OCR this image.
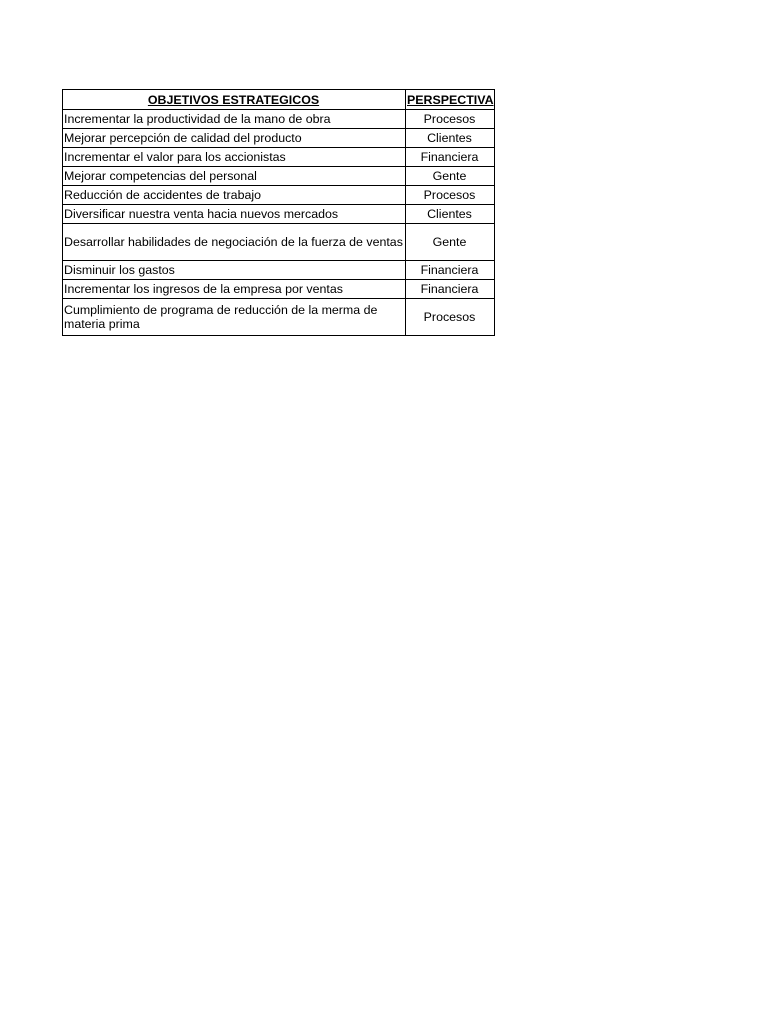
OBJETIVOS ESTRATEGICOS	PERSPECTIVA
Incrementar la productividad de la mano de obra	Procesos
Mejorar percepción de calidad del producto	Clientes
Incrementar el valor para los accionistas	Financiera
Mejorar competencias del personal	Gente
Reducción de accidentes de trabajo	Procesos
Diversificar nuestra venta hacia nuevos mercados	Clientes
Desarrollar habilidades de negociación de la fuerza de ventas	Gente
Disminuir los gastos	Financiera
Incrementar los ingresos de la empresa por ventas	Financiera
Cumplimiento de programa de reducción de la merma de materia prima	Procesos
